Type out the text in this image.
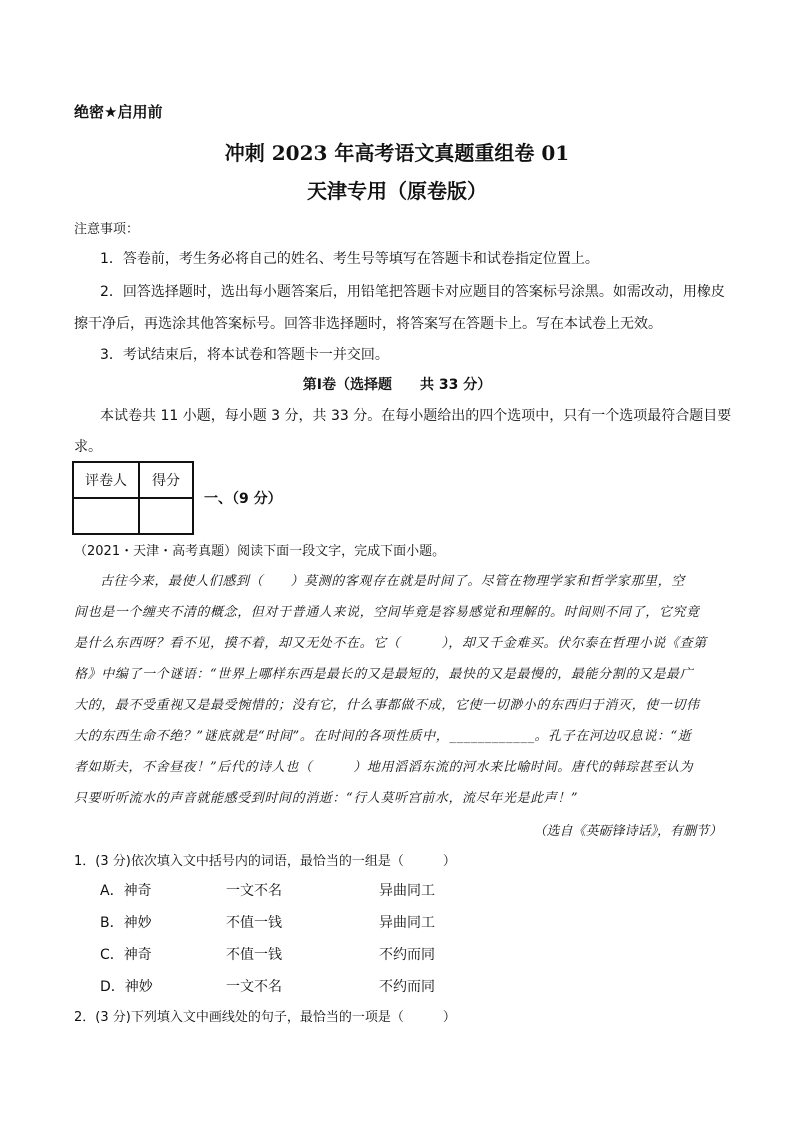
绝密★启用前
冲刺 2023 年高考语文真题重组卷 01
天津专用（原卷版）
注意事项：
1．答卷前，考生务必将自己的姓名、考生号等填写在答题卡和试卷指定位置上。
2．回答选择题时，选出每小题答案后，用铅笔把答题卡对应题目的答案标号涂黑。如需改动，用橡皮
擦干净后，再选涂其他答案标号。回答非选择题时，将答案写在答题卡上。写在本试卷上无效。
3．考试结束后，将本试卷和答题卡一并交回。
第Ⅰ卷（选择题　　共 33 分）
本试卷共 11 小题，每小题 3 分，共 33 分。在每小题给出的四个选项中，只有一个选项最符合题目要
求。
评卷人	得分

一、（9 分）
（2021・天津・高考真题）阅读下面一段文字，完成下面小题。
古往今来，最使人们感到（　　）莫测的客观存在就是时间了。尽管在物理学家和哲学家那里，空
间也是一个缠夹不清的概念，但对于普通人来说，空间毕竟是容易感觉和理解的。时间则不同了，它究竟
是什么东西呀？看不见，摸不着，却又无处不在。它（　　　），却又千金难买。伏尔泰在哲理小说《查第
格》中编了一个谜语：“世界上哪样东西是最长的又是最短的，最快的又是最慢的，最能分割的又是最广
大的，最不受重视又是最受惋惜的；没有它，什么事都做不成，它使一切渺小的东西归于消灭，使一切伟
大的东西生命不绝？”谜底就是“时间”。在时间的各项性质中，____________。孔子在河边叹息说：“逝
者如斯夫，不舍昼夜！”后代的诗人也（　　　）地用滔滔东流的河水来比喻时间。唐代的韩琮甚至认为
只要听听流水的声音就能感受到时间的消逝：“行人莫听宫前水，流尽年光是此声！”
（选自《英砺锋诗话》，有删节）
1．(3 分)依次填入文中括号内的词语，最恰当的一组是（　　　）
A．神奇	一文不名	异曲同工
B．神妙	不值一钱	异曲同工
C．神奇	不值一钱	不约而同
D．神妙	一文不名	不约而同
2．(3 分)下列填入文中画线处的句子，最恰当的一项是（　　　）
